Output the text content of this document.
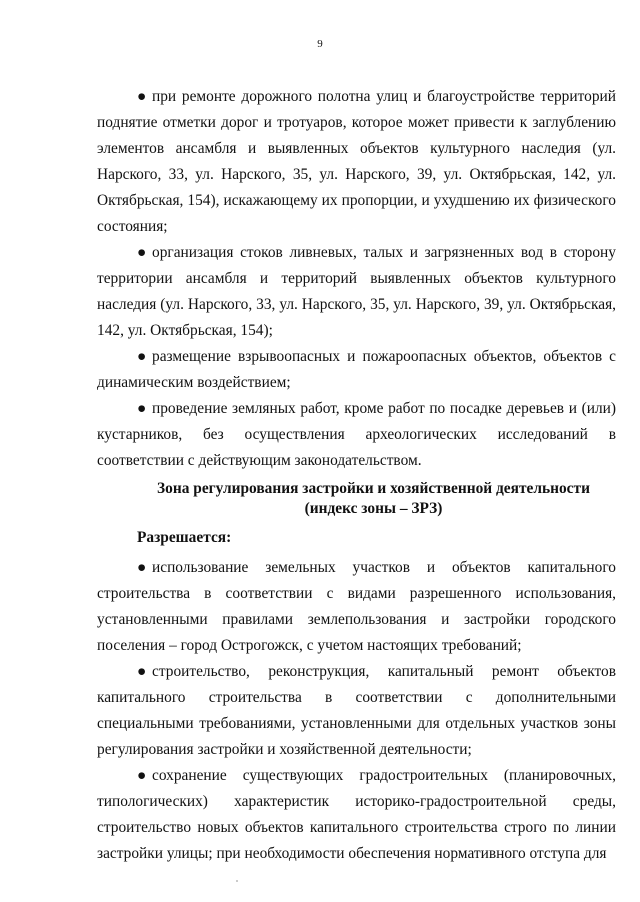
9

● при ремонте дорожного полотна улиц и благоустройстве территорий поднятие отметки дорог и тротуаров, которое может привести к заглублению элементов ансамбля и выявленных объектов культурного наследия (ул. Нарского, 33, ул. Нарского, 35, ул. Нарского, 39, ул. Октябрьская, 142, ул. Октябрьская, 154), искажающему их пропорции, и ухудшению их физического состояния;

● организация стоков ливневых, талых и загрязненных вод в сторону территории ансамбля и территорий выявленных объектов культурного наследия (ул. Нарского, 33, ул. Нарского, 35, ул. Нарского, 39, ул. Октябрьская, 142, ул. Октябрьская, 154);

● размещение взрывоопасных и пожароопасных объектов, объектов с динамическим воздействием;

● проведение земляных работ, кроме работ по посадке деревьев и (или) кустарников, без осуществления археологических исследований в соответствии с действующим законодательством.

Зона регулирования застройки и хозяйственной деятельности
(индекс зоны – ЗРЗ)
Разрешается:

● использование земельных участков и объектов капитального строительства в соответствии с видами разрешенного использования, установленными правилами землепользования и застройки городского поселения – город Острогожск, с учетом настоящих требований;

● строительство, реконструкция, капитальный ремонт объектов капитального строительства в соответствии с дополнительными специальными требованиями, установленными для отдельных участков зоны регулирования застройки и хозяйственной деятельности;

● сохранение существующих градостроительных (планировочных, типологических) характеристик историко-градостроительной среды, строительство новых объектов капитального строительства строго по линии застройки улицы; при необходимости обеспечения нормативного отступа для
